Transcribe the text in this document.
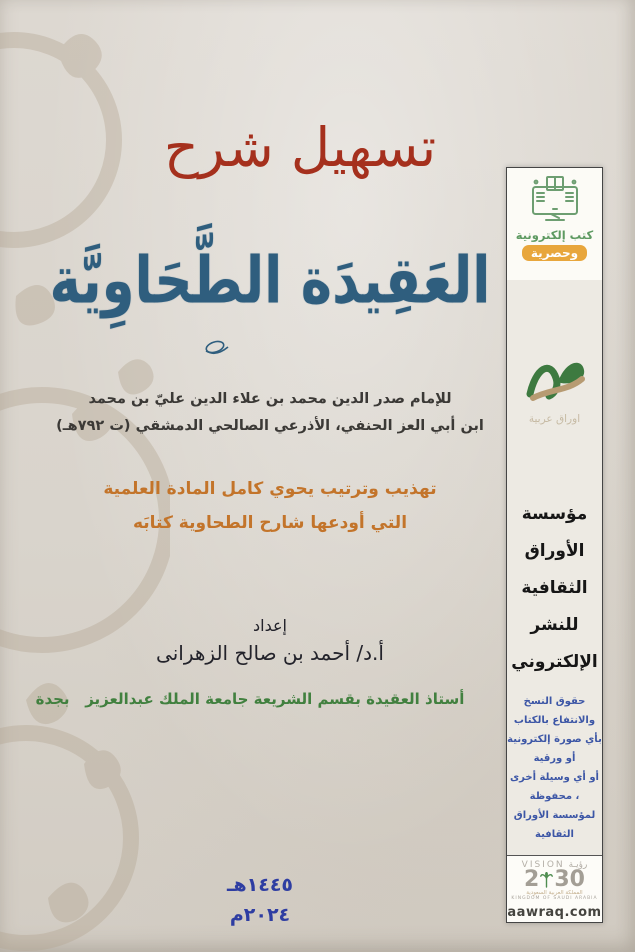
تسهيل شرح
العَقِيدَة الطَّحَاوِيَّة
للإمام صدر الدين محمد بن علاء الدين عليّ بن محمد
ابن أبي العز الحنفي، الأذرعي الصالحي الدمشقي (ت ٧٩٢هـ)
تهذيب وترتيب يحوي كامل المادة العلمية
التي أودعها شارح الطحاوية كتابَه
إعداد
أ.د/ أحمد بن صالح الزهرانى
أستاذ العقيدة بقسم الشريعة جامعة الملك عبدالعزيز   بجدة
١٤٤٥هـ
٢٠٢٤م
كتب إلكترونية
وحصرية
اوراق عربية
مؤسسة
الأوراق
الثقافية
للنشر
الإلكتروني
حقوق النسخ والانتفاع بالكتاب
بأي صورة إلكترونية أو ورقية
أو أي وسيلة أخرى ، محفوظة
لمؤسسة الأوراق الثقافية
VISION رؤيـة
2 30
المملكة العربية السعودية
KINGDOM OF SAUDI ARABIA
aawraq.com
